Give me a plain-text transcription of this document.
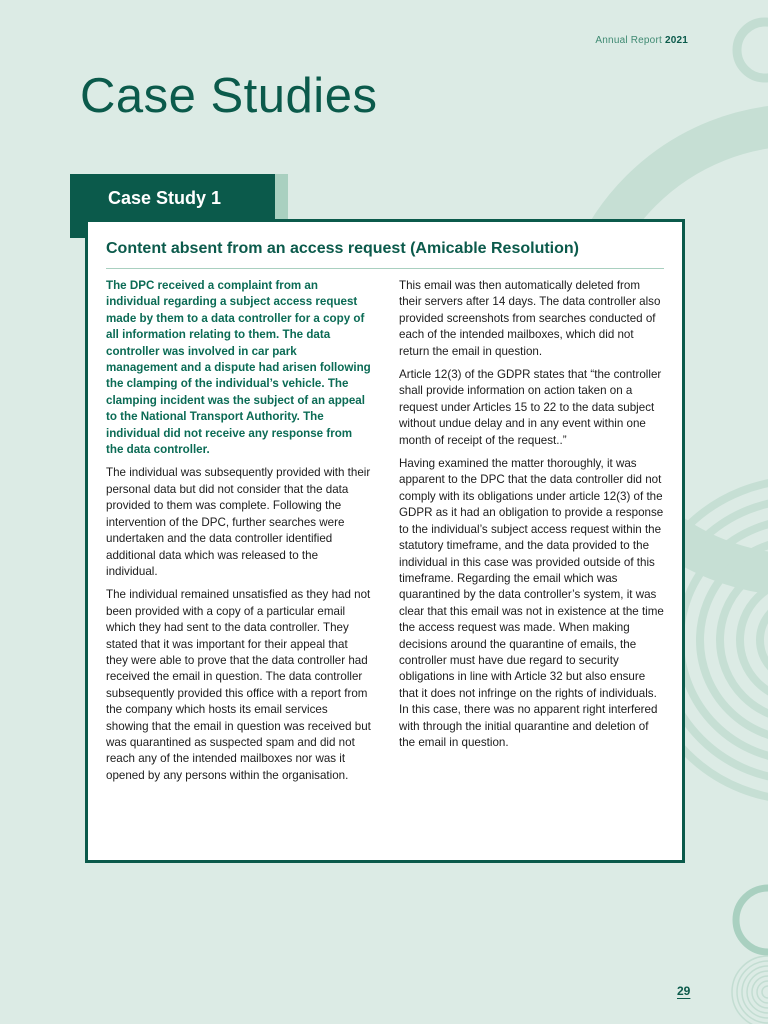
Annual Report 2021
Case Studies
Case Study 1
Content absent from an access request (Amicable Resolution)

The DPC received a complaint from an individual regarding a subject access request made by them to a data controller for a copy of all information relating to them. The data controller was involved in car park management and a dispute had arisen following the clamping of the individual’s vehicle. The clamping incident was the subject of an appeal to the National Transport Authority. The individual did not receive any response from the data controller.

The individual was subsequently provided with their personal data but did not consider that the data provided to them was complete. Following the intervention of the DPC, further searches were undertaken and the data controller identified additional data which was released to the individual.

The individual remained unsatisfied as they had not been provided with a copy of a particular email which they had sent to the data controller. They stated that it was important for their appeal that they were able to prove that the data controller had received the email in question. The data controller subsequently provided this office with a report from the company which hosts its email services showing that the email in question was received but was quarantined as suspected spam and did not reach any of the intended mailboxes nor was it opened by any persons within the organisation.

This email was then automatically deleted from their servers after 14 days. The data controller also provided screenshots from searches conducted of each of the intended mailboxes, which did not return the email in question.

Article 12(3) of the GDPR states that “the controller shall provide information on action taken on a request under Articles 15 to 22 to the data subject without undue delay and in any event within one month of receipt of the request..”

Having examined the matter thoroughly, it was apparent to the DPC that the data controller did not comply with its obligations under article 12(3) of the GDPR as it had an obligation to provide a response to the individual’s subject access request within the statutory timeframe, and the data provided to the individual in this case was provided outside of this timeframe. Regarding the email which was quarantined by the data controller’s system, it was clear that this email was not in existence at the time the access request was made. When making decisions around the quarantine of emails, the controller must have due regard to security obligations in line with Article 32 but also ensure that it does not infringe on the rights of individuals. In this case, there was no apparent right interfered with through the initial quarantine and deletion of the email in question.

29
